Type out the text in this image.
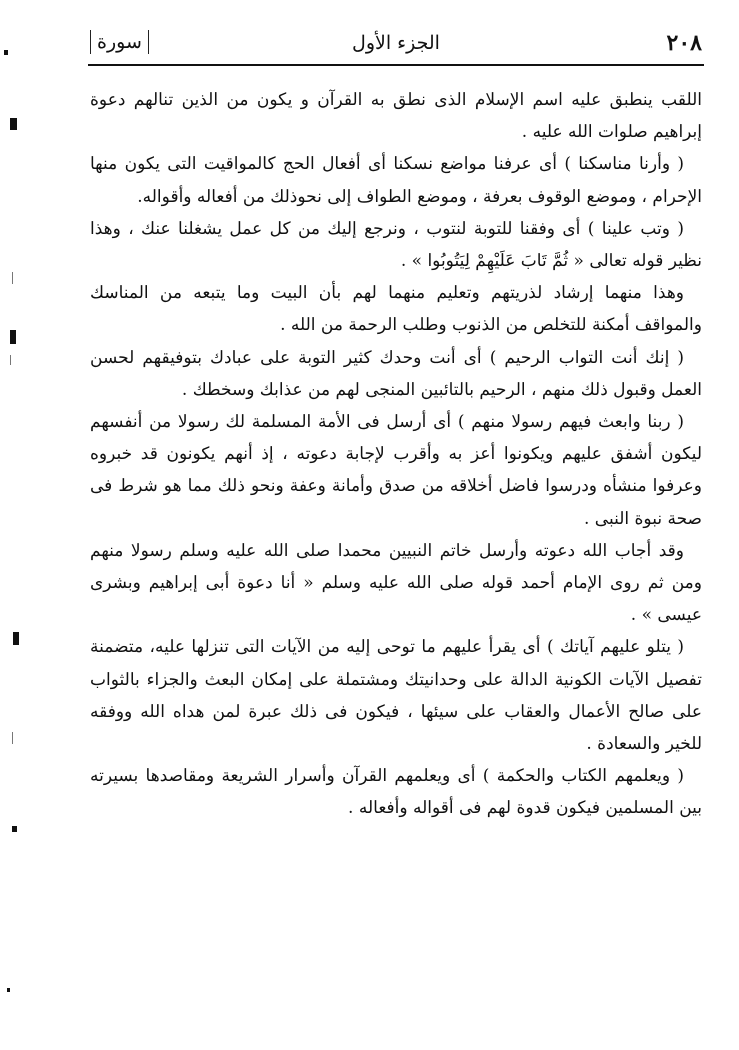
٢٠٨
الجزء الأول
سورة

اللقب ينطبق عليه اسم الإسلام الذى نطق به القرآن و يكون من الذين تنالهم دعوة إبراهيم صلوات الله عليه .

( وأرنا مناسكنا ) أى عرفنا مواضع نسكنا أى أفعال الحج كالمواقيت التى يكون منها الإحرام ، وموضع الوقوف بعرفة ، وموضع الطواف إلى نحوذلك من أفعاله وأقواله.

( وتب علينا ) أى وفقنا للتوبة لنتوب ، ونرجع إليك من كل عمل يشغلنا عنك ، وهذا نظير قوله تعالى « ثُمَّ تَابَ عَلَيْهِمْ لِيَتُوبُوا » .

وهذا منهما إرشاد لذريتهم وتعليم منهما لهم بأن البيت وما يتبعه من المناسك والمواقف أمكنة للتخلص من الذنوب وطلب الرحمة من الله .

( إنك أنت التواب الرحيم ) أى أنت وحدك كثير التوبة على عبادك بتوفيقهم لحسن العمل وقبول ذلك منهم ، الرحيم بالتائبين المنجى لهم من عذابك وسخطك .

( ربنا وابعث فيهم رسولا منهم ) أى أرسل فى الأمة المسلمة لك رسولا من أنفسهم ليكون أشفق عليهم ويكونوا أعز به وأقرب لإجابة دعوته ، إذ أنهم يكونون قد خبروه وعرفوا منشأه ودرسوا فاضل أخلاقه من صدق وأمانة وعفة ونحو ذلك مما هو شرط فى صحة نبوة النبى .

وقد أجاب الله دعوته وأرسل خاتم النبيين محمدا صلى الله عليه وسلم رسولا منهم ومن ثم روى الإمام أحمد قوله صلى الله عليه وسلم « أنا دعوة أبى إبراهيم وبشرى عيسى » .

( يتلو عليهم آياتك ) أى يقرأ عليهم ما توحى إليه من الآيات التى تنزلها عليه، متضمنة تفصيل الآيات الكونية الدالة على وحدانيتك ومشتملة على إمكان البعث والجزاء بالثواب على صالح الأعمال والعقاب على سيئها ، فيكون فى ذلك عبرة لمن هداه الله ووفقه للخير والسعادة .

( ويعلمهم الكتاب والحكمة ) أى ويعلمهم القرآن وأسرار الشريعة ومقاصدها بسيرته بين المسلمين فيكون قدوة لهم فى أقواله وأفعاله .
